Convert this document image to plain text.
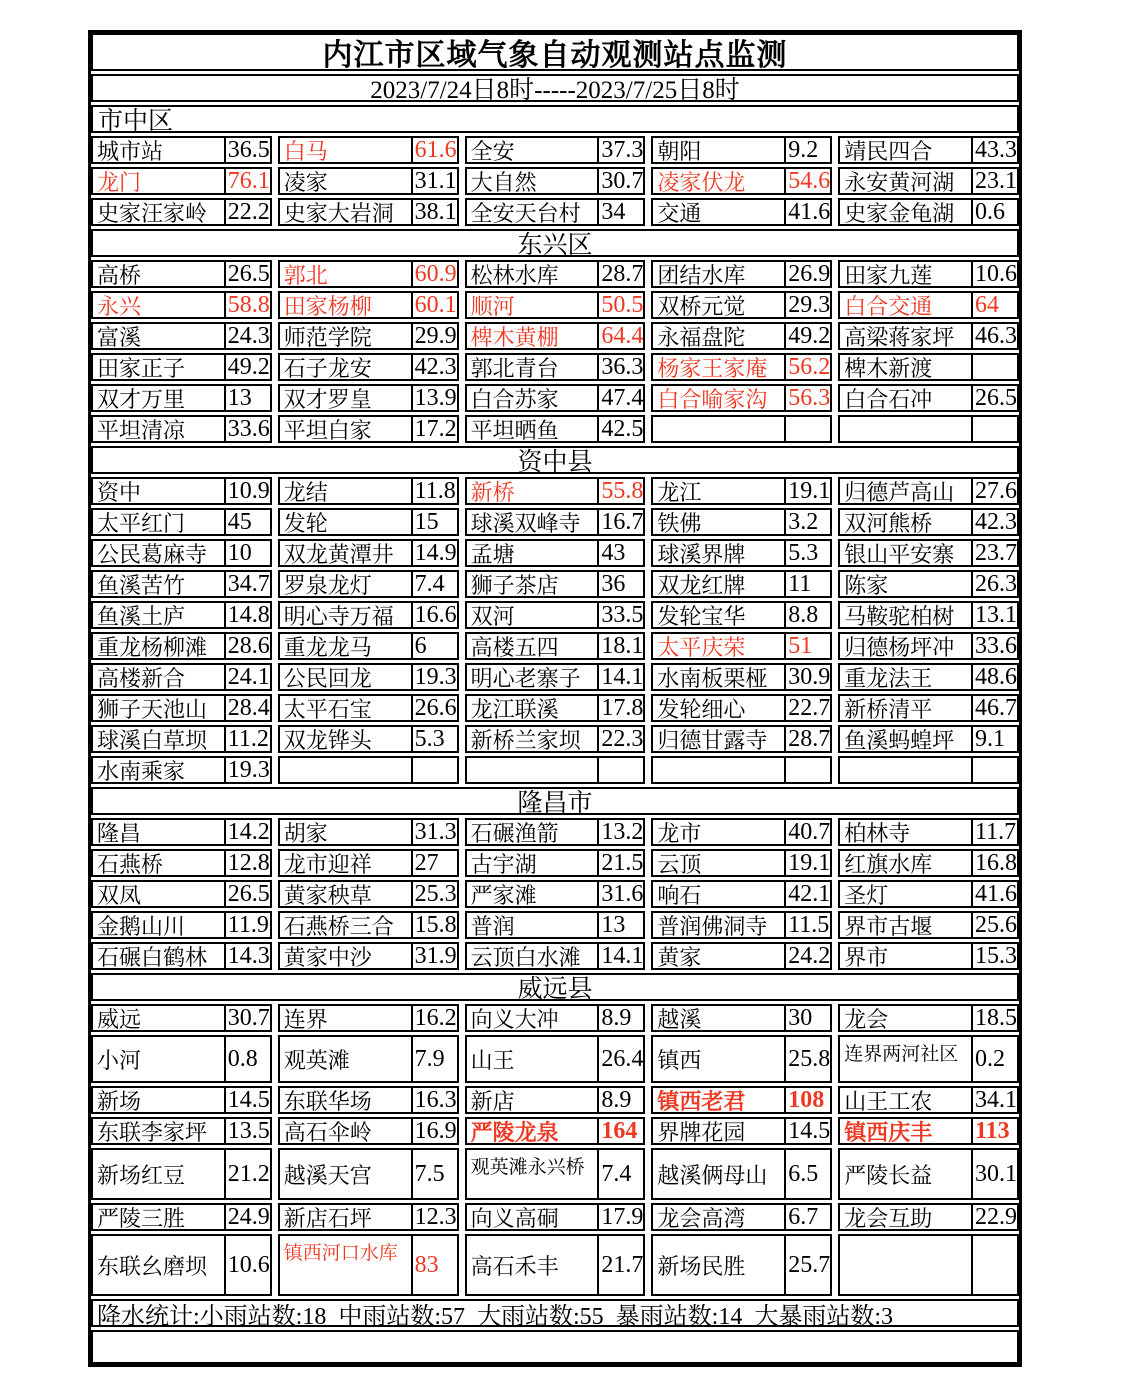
内江市区域气象自动观测站点监测
2023/7/24日8时-----2023/7/25日8时
市中区
城市站	36.5 白马	61.6 全安	37.3 朝阳	9.2	靖民四合	43.3
龙门	76.1 凌家	31.1 大自然	30.7 凌家伏龙	54.6 永安黄河湖 23.1
史家汪家岭 22.2 史家大岩洞 38.1 全安天台村 34	交通	41.6 史家金龟湖 0.6
东兴区
高桥	26.5 郭北	60.9 松林水库	28.7 团结水库	26.9 田家九莲	10.6
永兴	58.8 田家杨柳	60.1 顺河	50.5 双桥元觉	29.3 白合交通	64
富溪	24.3 师范学院	29.9 椑木黄棚	64.4 永福盘陀	49.2 高梁蒋家坪 46.3
田家正子	49.2 石子龙安	42.3 郭北青台	36.3 杨家王家庵 56.2 椑木新渡
双才万里	13	双才罗皇	13.9 白合苏家	47.4 白合喻家沟 56.3 白合石冲	26.5
平坦清凉	33.6 平坦白家	17.2 平坦晒鱼	42.5
资中县
资中	10.9 龙结	11.8 新桥	55.8 龙江	19.1 归德芦高山 27.6
太平红门	45	发轮	15	球溪双峰寺 16.7 铁佛	3.2	双河熊桥	42.3
公民葛麻寺 10	双龙黄潭井 14.9 孟塘	43	球溪界牌	5.3	银山平安寨 23.7
鱼溪苦竹	34.7 罗泉龙灯	7.4	狮子茶店	36	双龙红牌	11	陈家	26.3
鱼溪土庐	14.8 明心寺万福 16.6 双河	33.5 发轮宝华	8.8	马鞍驼柏树 13.1
重龙杨柳滩 28.6 重龙龙马	6	高楼五四	18.1 太平庆荣	51	归德杨坪冲 33.6
高楼新合	24.1 公民回龙	19.3 明心老寨子 14.1 水南板栗桠 30.9 重龙法王	48.6
狮子天池山 28.4 太平石宝	26.6 龙江联溪	17.8 发轮细心	22.7 新桥清平	46.7
球溪白草坝 11.2 双龙铧头	5.3	新桥兰家坝 22.3 归德甘露寺 28.7 鱼溪蚂蝗坪 9.1
水南乘家	19.3
隆昌市
隆昌	14.2 胡家	31.3 石碾渔箭	13.2 龙市	40.7 柏林寺	11.7
石燕桥	12.8 龙市迎祥	27	古宇湖	21.5 云顶	19.1 红旗水库	16.8
双凤	26.5 黄家秧草	25.3 严家滩	31.6 响石	42.1 圣灯	41.6
金鹅山川	11.9 石燕桥三合 15.8 普润	13	普润佛洞寺 11.5 界市古堰	25.6
石碾白鹤林 14.3 黄家中沙	31.9 云顶白水滩 14.1 黄家	24.2 界市	15.3
威远县
威远	30.7 连界	16.2 向义大冲	8.9	越溪	30	龙会	18.5
小河	0.8	观英滩	7.9	山王	26.4 镇西	25.8 连界两河社区 0.2
新场	14.5 东联华场	16.3 新店	8.9	镇西老君	108 山王工农	34.1
东联李家坪 13.5 高石伞岭	16.9 严陵龙泉	164 界牌花园	14.5 镇西庆丰	113
新场红豆	21.2 越溪天宫	7.5	观英滩永兴桥 7.4	越溪俩母山 6.5	严陵长益	30.1
严陵三胜	24.9 新店石坪	12.3 向义高硐	17.9 龙会高湾	6.7	龙会互助	22.9
东联幺磨坝 10.6 镇西河口水库 83	高石禾丰	21.7 新场民胜	25.7
降水统计:小雨站数:18  中雨站数:57  大雨站数:55  暴雨站数:14  大暴雨站数:3
